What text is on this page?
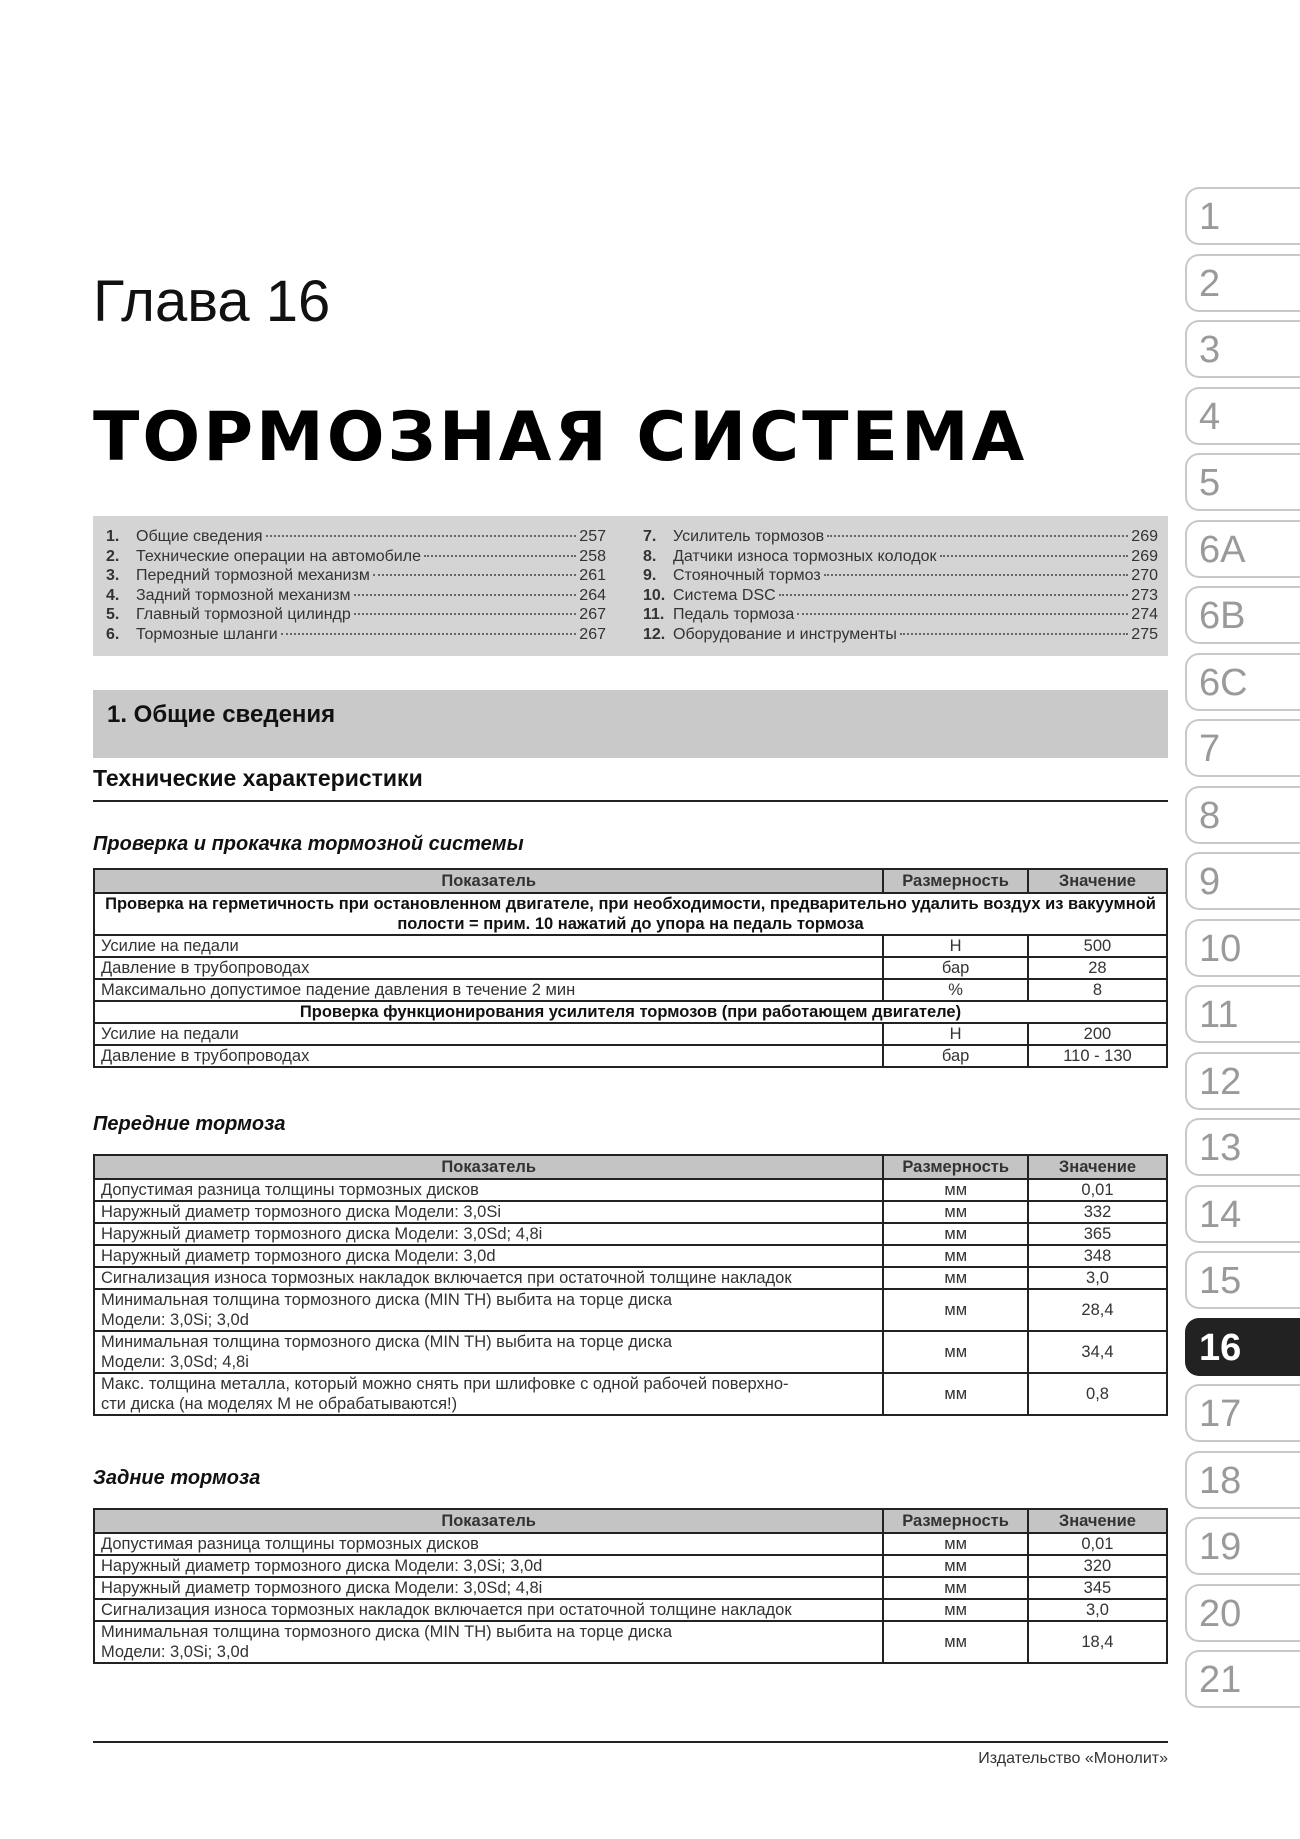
Глава 16
ТОРМОЗНАЯ СИСТЕМА
1.	Общие сведения	257
2.	Технические операции на автомобиле	258
3.	Передний тормозной механизм	261
4.	Задний тормозной механизм	264
5.	Главный тормозной цилиндр	267
6.	Тормозные шланги	267
7.	Усилитель тормозов	269
8.	Датчики износа тормозных колодок	269
9.	Стояночный тормоз	270
10. Система DSC	273
11. Педаль тормоза	274
12. Оборудование и инструменты	275
1. Общие сведения
Технические характеристики
Проверка и прокачка тормозной системы
Показатель	Размерность	Значение
Проверка на герметичность при остановленном двигателе, при необходимости, предварительно удалить воздух из вакуумной полости = прим. 10 нажатий до упора на педаль тормоза		
Усилие на педали	Н	500
Давление в трубопроводах	бар	28
Максимально допустимое падение давления в течение 2 мин	%	8
Проверка функционирования усилителя тормозов (при работающем двигателе)		
Усилие на педали	Н	200
Давление в трубопроводах	бар	110 - 130
Передние тормоза
Показатель	Размерность	Значение
Допустимая разница толщины тормозных дисков	мм	0,01
Наружный диаметр тормозного диска Модели: 3,0Si	мм	332
Наружный диаметр тормозного диска Модели: 3,0Sd; 4,8i	мм	365
Наружный диаметр тормозного диска Модели: 3,0d	мм	348
Сигнализация износа тормозных накладок включается при остаточной толщине накладок	мм	3,0
Минимальная толщина тормозного диска (MIN TH) выбита на торце диска
Модели: 3,0Si; 3,0d	мм	28,4
Минимальная толщина тормозного диска (MIN TH) выбита на торце диска
Модели: 3,0Sd; 4,8i	мм	34,4
Макс. толщина металла, который можно снять при шлифовке с одной рабочей поверхно-
сти диска (на моделях М не обрабатываются!)	мм	0,8
Задние тормоза
Показатель	Размерность	Значение
Допустимая разница толщины тормозных дисков	мм	0,01
Наружный диаметр тормозного диска Модели: 3,0Si; 3,0d	мм	320
Наружный диаметр тормозного диска Модели: 3,0Sd; 4,8i	мм	345
Сигнализация износа тормозных накладок включается при остаточной толщине накладок	мм	3,0
Минимальная толщина тормозного диска (MIN TH) выбита на торце диска
Модели: 3,0Si; 3,0d	мм	18,4
1
2
3
4
5
6A
6B
6C
7
8
9
10
11
12
13
14
15
16
17
18
19
20
21
Издательство «Монолит»
